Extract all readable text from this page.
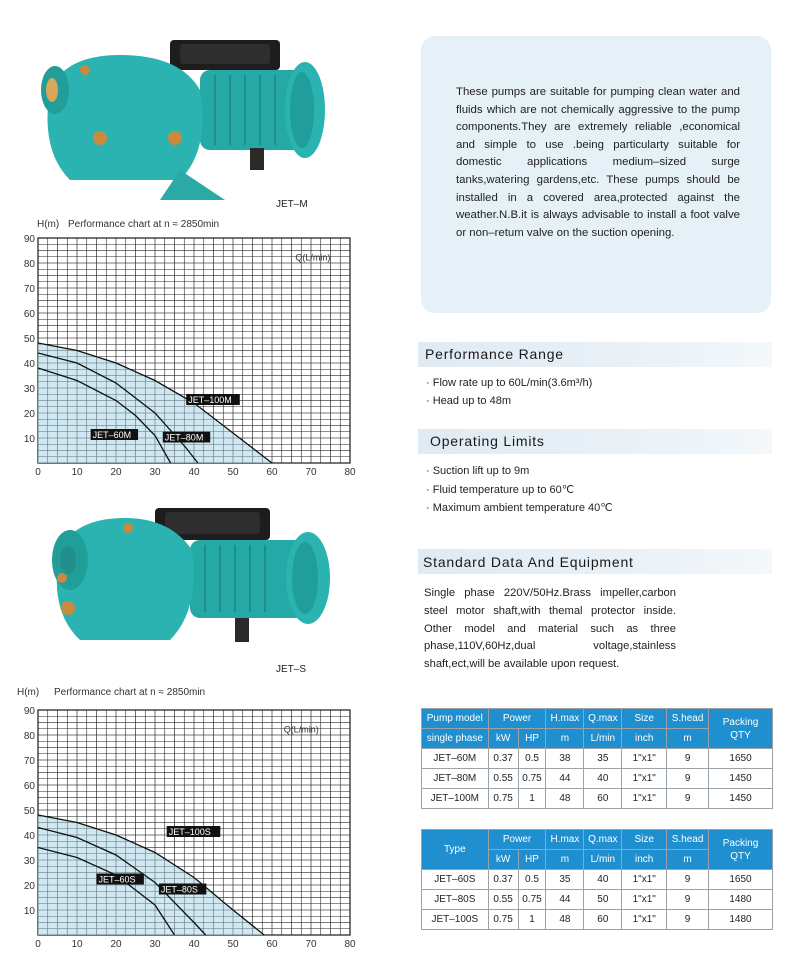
JET–M
H(m) Performance chart at n ≈ 2850min
0	10	20	30	40	50	60	70	80
10
20
30
40
50
60
70
80
90
Q(L/min)
JET–60M	JET–80M
JET–100M
JET–S
H(m) Performance chart at n ≈ 2850min
0	10	20	30	40	50	60	70	80
10
20
30
40
50
60
70
80
90
Q(L/min)
JET–60S
JET–80S
JET–100S
These pumps are suitable for pumping clean water and fluids which are not chemically aggressive to the pump components.They are extremely reliable ,economical and simple to use .being particularty suitable for domestic applications medium–sized surge tanks,watering gardens,etc. These pumps should be installed in a covered area,protected against the weather.N.B.it is always advisable to install a foot valve or non–retum valve on the suction opening.
Performance Range
· Flow rate up to 60L/min(3.6m³/h)
· Head up to 48m
Operating Limits
· Suction lift up to 9m
· Fluid temperature up to 60℃
· Maximum ambient temperature 40℃
Standard Data And Equipment
Single phase 220V/50Hz.Brass impeller,carbon steel motor shaft,with themal protector inside. Other model and material such as three phase,110V,60Hz,dual voltage,stainless shaft,ect,will be available upon request.
Pump model	Power		H.max	Q.max	Size	S.head	Packing QTY
single phase	kW	HP	m	L/min	inch	m	
JET–60M	0.37	0.5	38	35	1"x1"	9	1650
JET–80M	0.55	0.75	44	40	1"x1"	9	1450
JET–100M	0.75	1	48	60	1"x1"	9	1450
Type	Power		H.max	Q.max	Size	S.head	Packing QTY
	kW	HP	m	L/min	inch	m	
JET–60S	0.37	0.5	35	40	1"x1"	9	1650
JET–80S	0.55	0.75	44	50	1"x1"	9	1480
JET–100S	0.75	1	48	60	1"x1"	9	1480
